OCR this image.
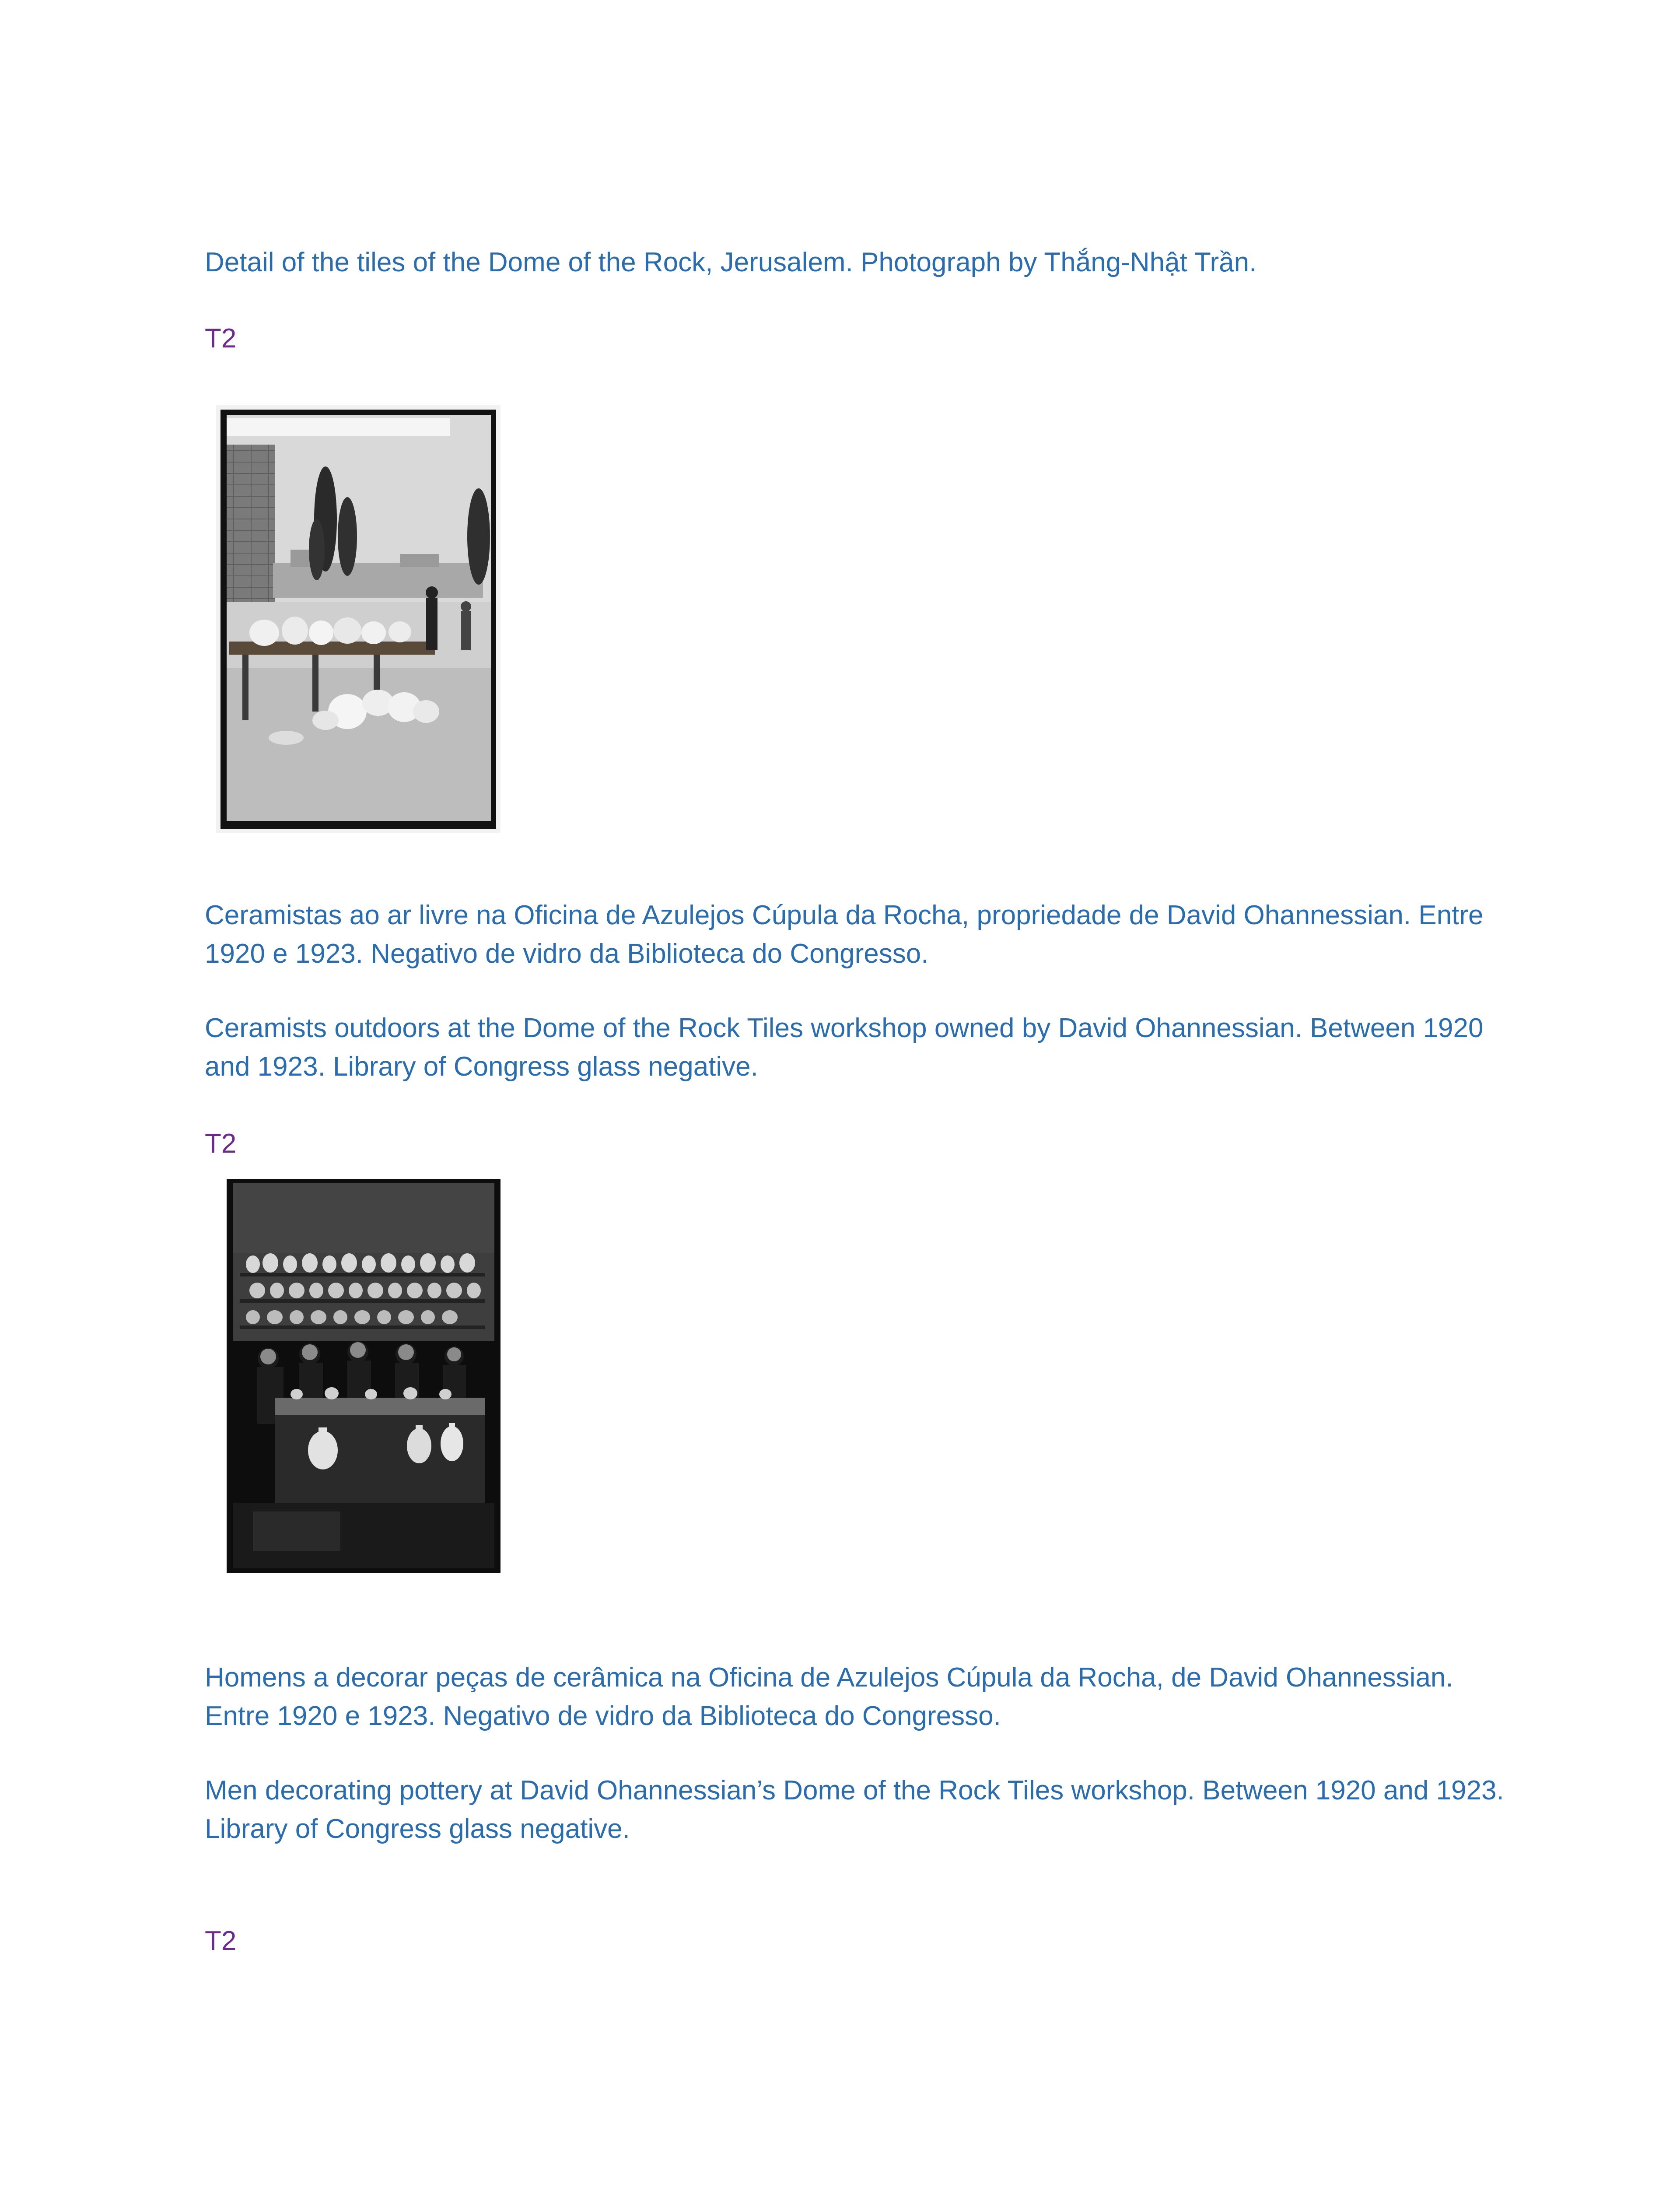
Detail of the tiles of the Dome of the Rock, Jerusalem. Photograph by Thắng-Nhật Trần.

T2

Ceramistas ao ar livre na Oficina de Azulejos Cúpula da Rocha, propriedade de David Ohannessian. Entre 1920 e 1923. Negativo de vidro da Biblioteca do Congresso.

Ceramists outdoors at the Dome of the Rock Tiles workshop owned by David Ohannessian. Between 1920 and 1923. Library of Congress glass negative.

T2

Homens a decorar peças de cerâmica na Oficina de Azulejos Cúpula da Rocha, de David Ohannessian. Entre 1920 e 1923. Negativo de vidro da Biblioteca do Congresso.

Men decorating pottery at David Ohannessian’s Dome of the Rock Tiles workshop. Between 1920 and 1923. Library of Congress glass negative.

T2
